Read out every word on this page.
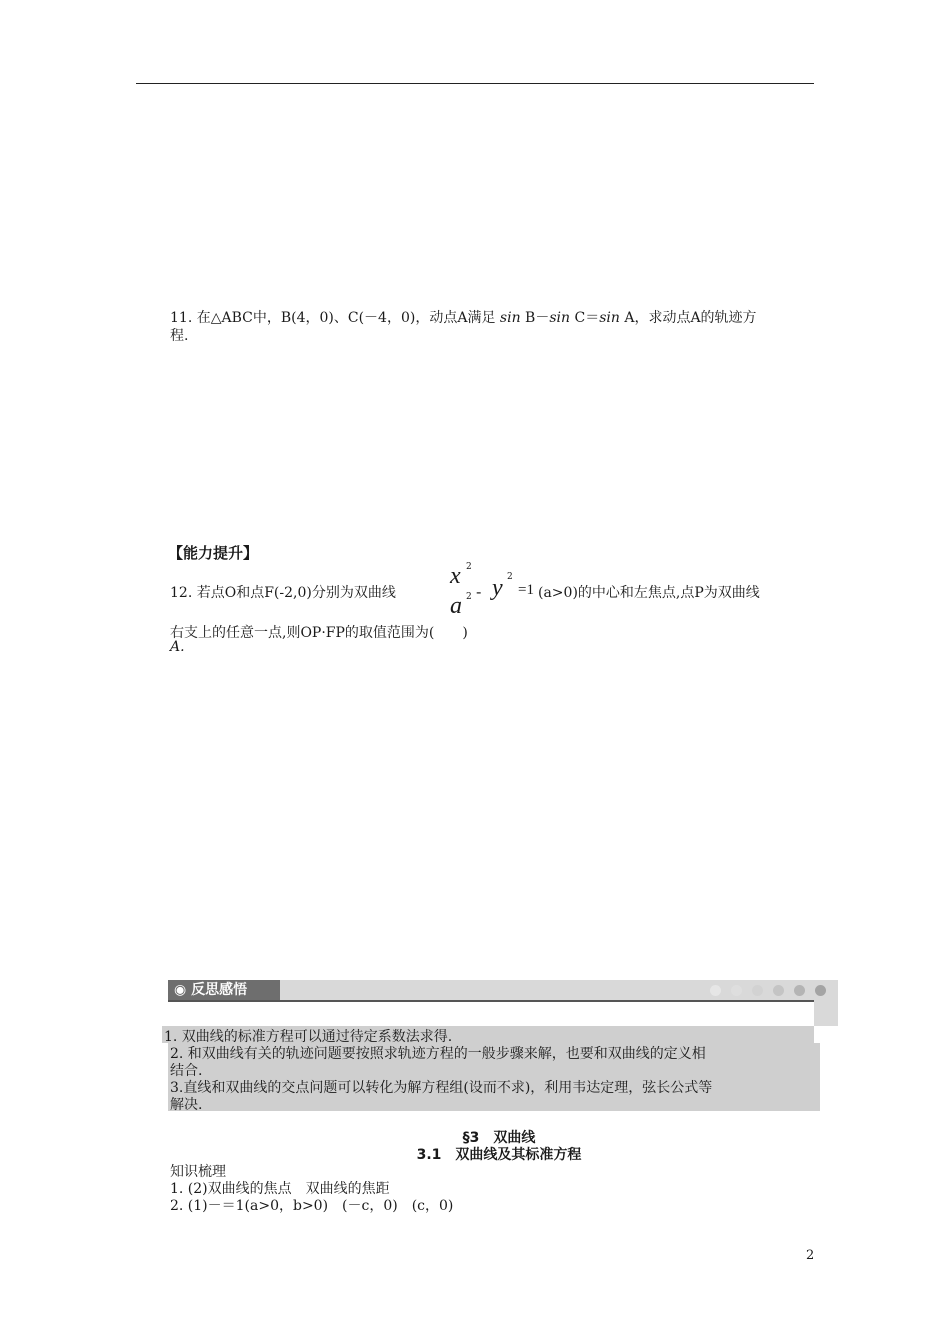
11. 在△ABC中，B(4，0)、C(－4，0)，动点A满足 sin B－sin C＝sin A，求动点A的轨迹方
程.
【能力提升】
12. 若点O和点F(-2,0)分别为双曲线
x 2
a 2 - y 2
=1 (a>0)的中心和左焦点,点P为双曲线
右支上的任意一点,则OP·FP的取值范围为(　　)
A.
◉ 反思感悟
1. 双曲线的标准方程可以通过待定系数法求得.
2. 和双曲线有关的轨迹问题要按照求轨迹方程的一般步骤来解，也要和双曲线的定义相
结合.
3.直线和双曲线的交点问题可以转化为解方程组(设而不求)，利用韦达定理，弦长公式等
解决.
§3　双曲线
3.1　双曲线及其标准方程
知识梳理
1. (2)双曲线的焦点　双曲线的焦距
2. (1)－＝1(a>0，b>0)　(－c，0)　(c，0)
2
